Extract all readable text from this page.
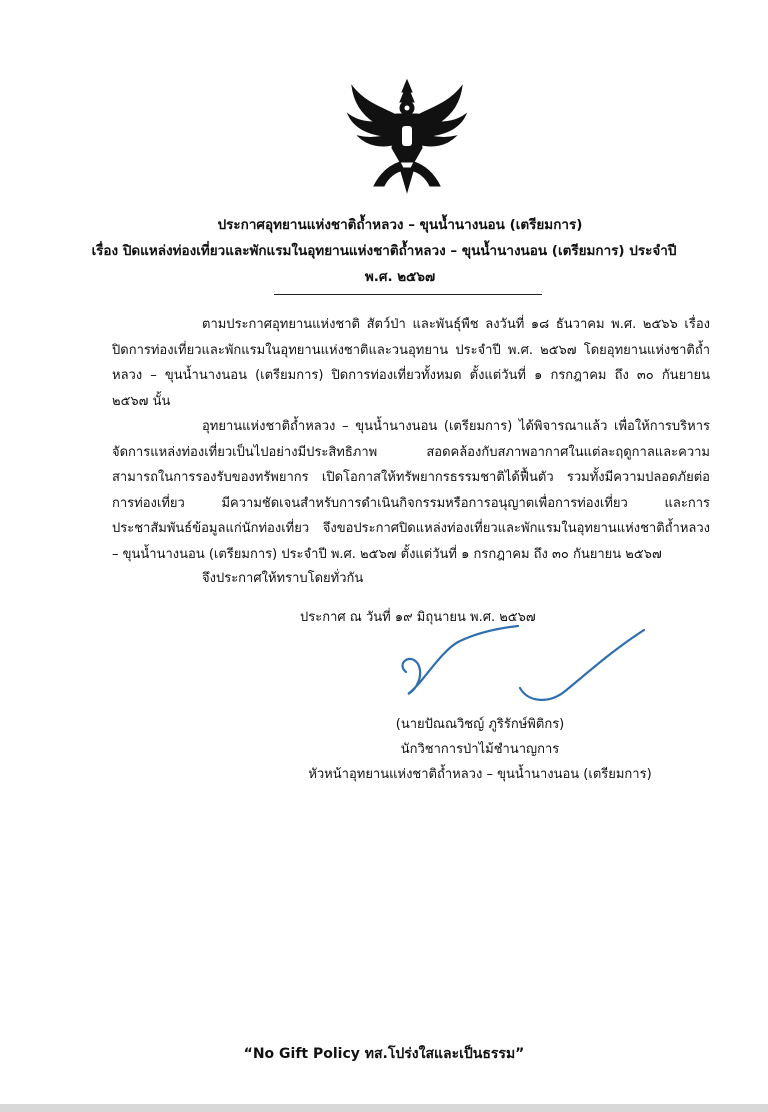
ประกาศอุทยานแห่งชาติถ้ำหลวง – ขุนน้ำนางนอน (เตรียมการ)
เรื่อง ปิดแหล่งท่องเที่ยวและพักแรมในอุทยานแห่งชาติถ้ำหลวง – ขุนน้ำนางนอน (เตรียมการ) ประจำปี
พ.ศ. ๒๕๖๗
ตามประกาศอุทยานแห่งชาติ สัตว์ป่า และพันธุ์พืช ลงวันที่ ๑๘ ธันวาคม พ.ศ. ๒๕๖๖ เรื่อง ปิดการท่องเที่ยวและพักแรมในอุทยานแห่งชาติและวนอุทยาน ประจำปี พ.ศ. ๒๕๖๗ โดยอุทยานแห่งชาติถ้ำหลวง – ขุนน้ำนางนอน (เตรียมการ) ปิดการท่องเที่ยวทั้งหมด ตั้งแต่วันที่ ๑ กรกฎาคม ถึง ๓๐ กันยายน ๒๕๖๗ นั้น
อุทยานแห่งชาติถ้ำหลวง – ขุนน้ำนางนอน (เตรียมการ) ได้พิจารณาแล้ว เพื่อให้การบริหารจัดการแหล่งท่องเที่ยวเป็นไปอย่างมีประสิทธิภาพ สอดคล้องกับสภาพอากาศในแต่ละฤดูกาลและความสามารถในการรองรับของทรัพยากร เปิดโอกาสให้ทรัพยากรธรรมชาติได้ฟื้นตัว รวมทั้งมีความปลอดภัยต่อการท่องเที่ยว มีความชัดเจนสำหรับการดำเนินกิจกรรมหรือการอนุญาตเพื่อการท่องเที่ยว และการประชาสัมพันธ์ข้อมูลแก่นักท่องเที่ยว จึงขอประกาศปิดแหล่งท่องเที่ยวและพักแรมในอุทยานแห่งชาติถ้ำหลวง – ขุนน้ำนางนอน (เตรียมการ) ประจำปี พ.ศ. ๒๕๖๗ ตั้งแต่วันที่ ๑ กรกฎาคม ถึง ๓๐ กันยายน ๒๕๖๗
จึงประกาศให้ทราบโดยทั่วกัน
ประกาศ ณ วันที่ ๑๙ มิถุนายน พ.ศ. ๒๕๖๗
(นายปัณณวิชญ์ ภูริรักษ์พิติกร)
นักวิชาการป่าไม้ชำนาญการ
หัวหน้าอุทยานแห่งชาติถ้ำหลวง – ขุนน้ำนางนอน (เตรียมการ)
“No Gift Policy ทส.โปร่งใสและเป็นธรรม”
